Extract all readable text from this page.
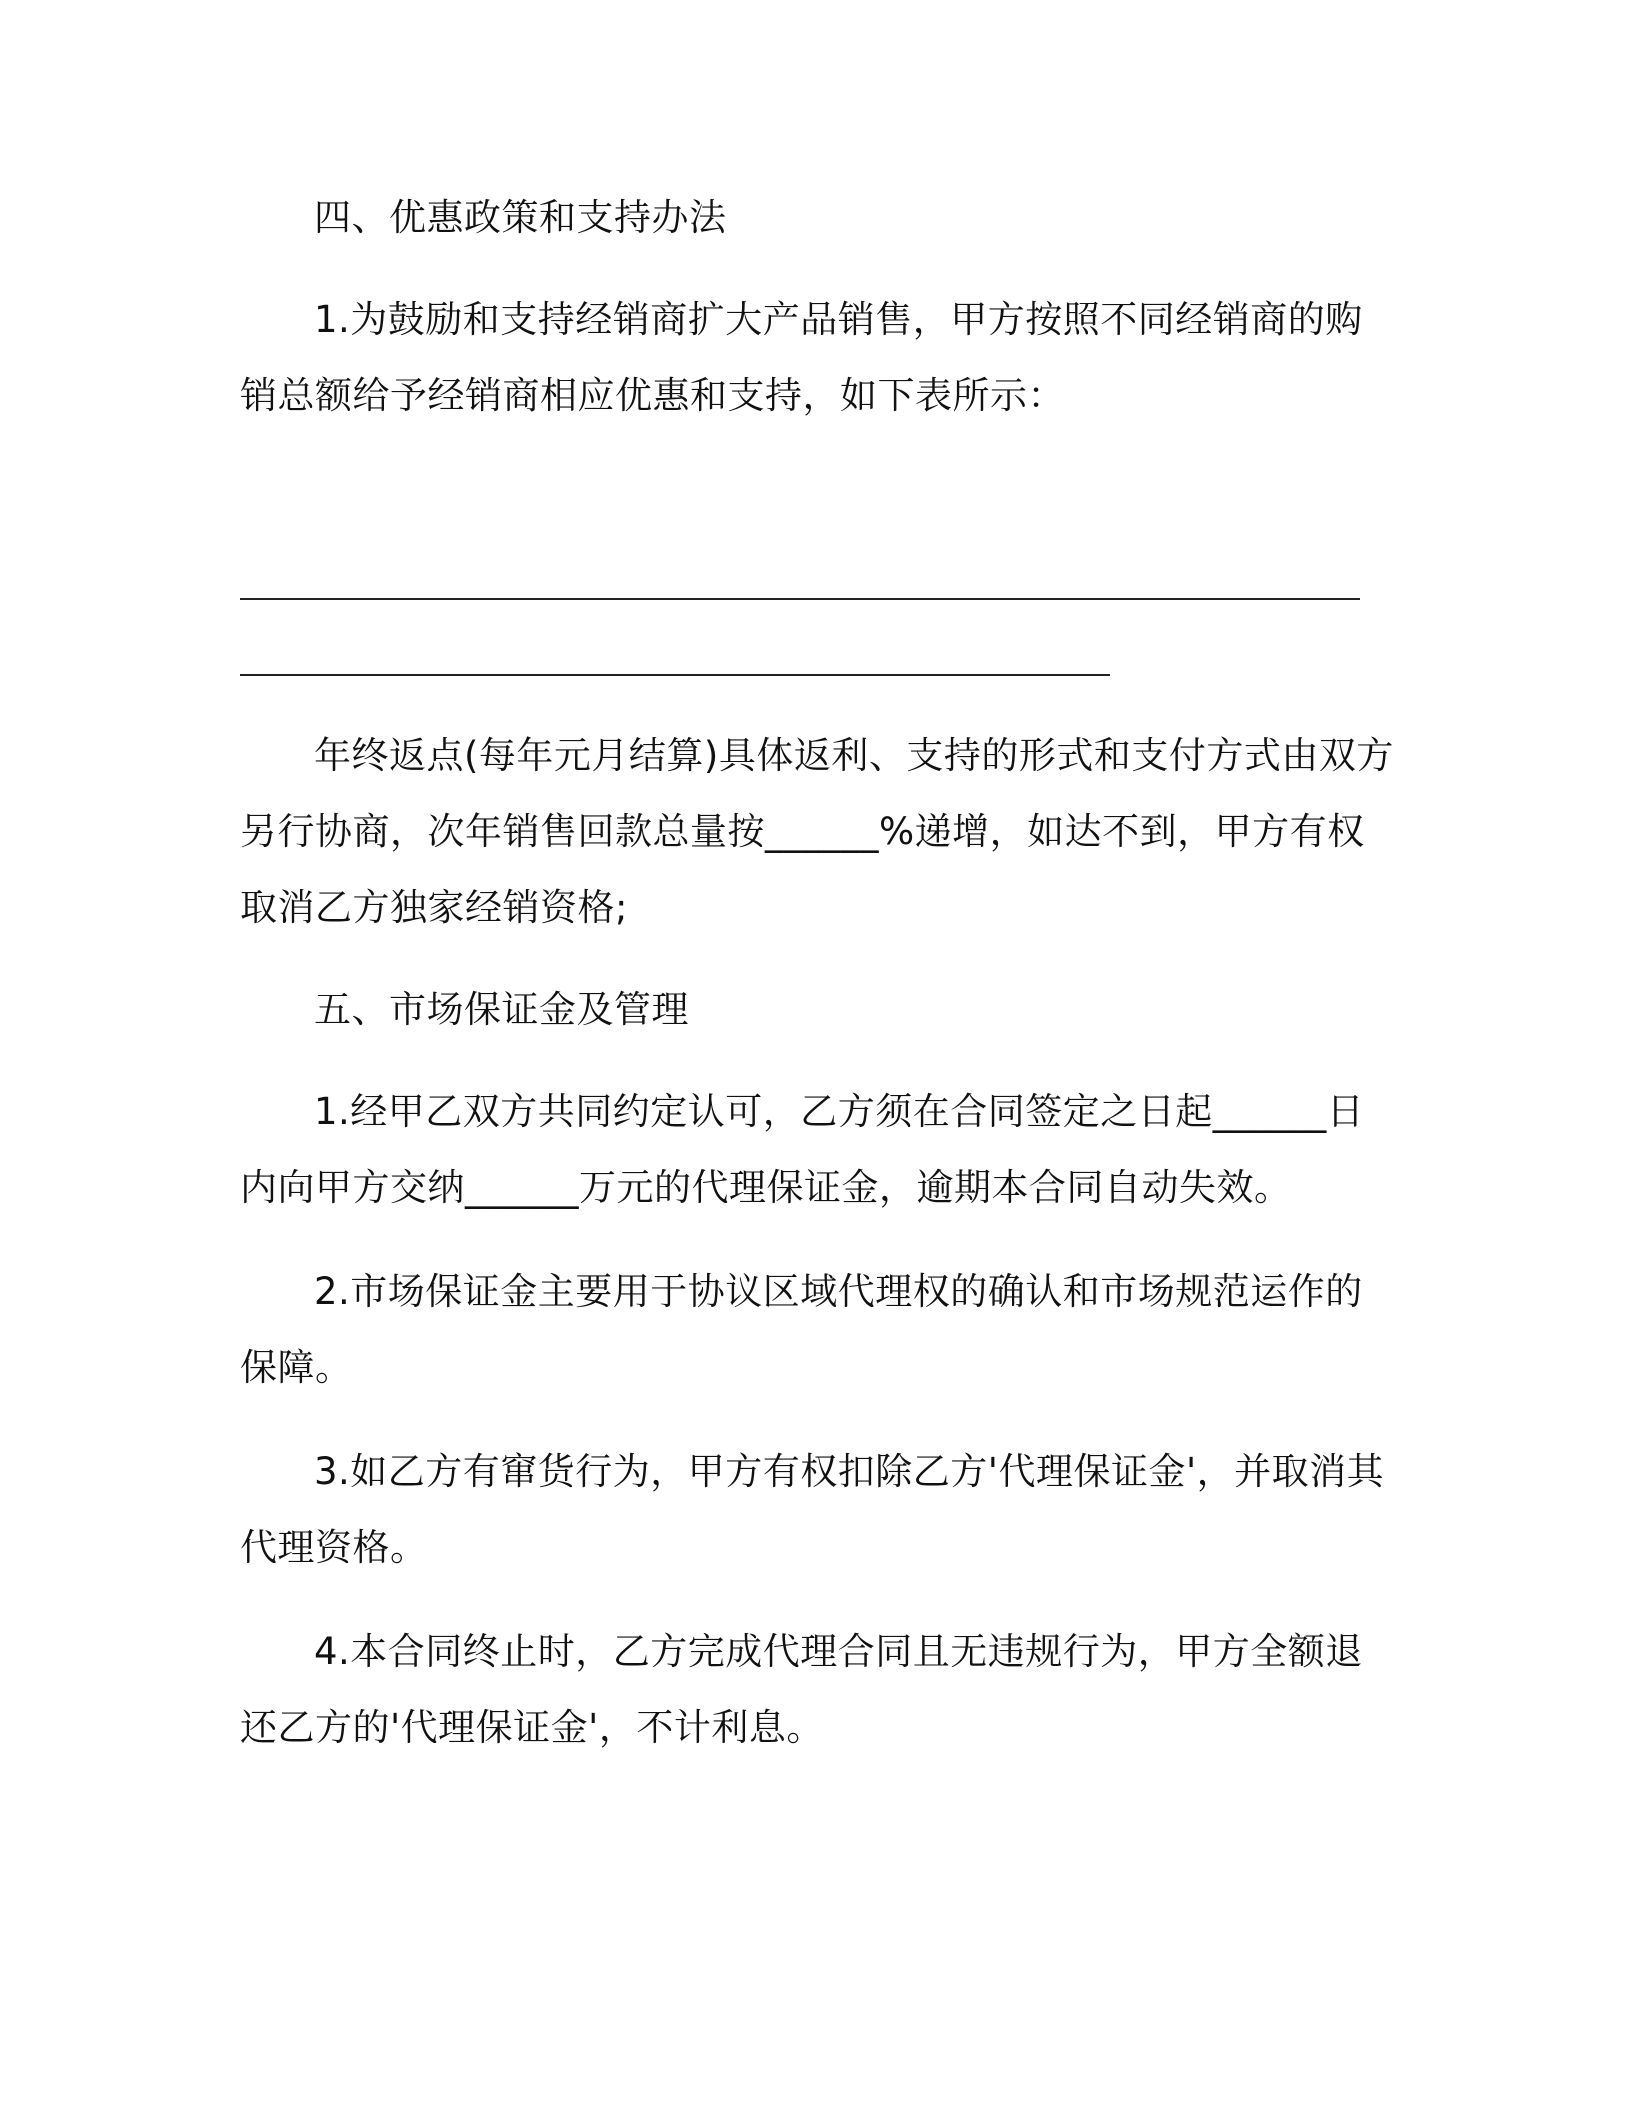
四、优惠政策和支持办法
1.为鼓励和支持经销商扩大产品销售，甲方按照不同经销商的购
销总额给予经销商相应优惠和支持，如下表所示：
年终返点(每年元月结算)具体返利、支持的形式和支付方式由双方
另行协商，次年销售回款总量按______%递增，如达不到，甲方有权
取消乙方独家经销资格;
五、市场保证金及管理
1.经甲乙双方共同约定认可，乙方须在合同签定之日起______日
内向甲方交纳______万元的代理保证金，逾期本合同自动失效。
2.市场保证金主要用于协议区域代理权的确认和市场规范运作的
保障。
3.如乙方有窜货行为，甲方有权扣除乙方'代理保证金'，并取消其
代理资格。
4.本合同终止时，乙方完成代理合同且无违规行为，甲方全额退
还乙方的'代理保证金'，不计利息。
